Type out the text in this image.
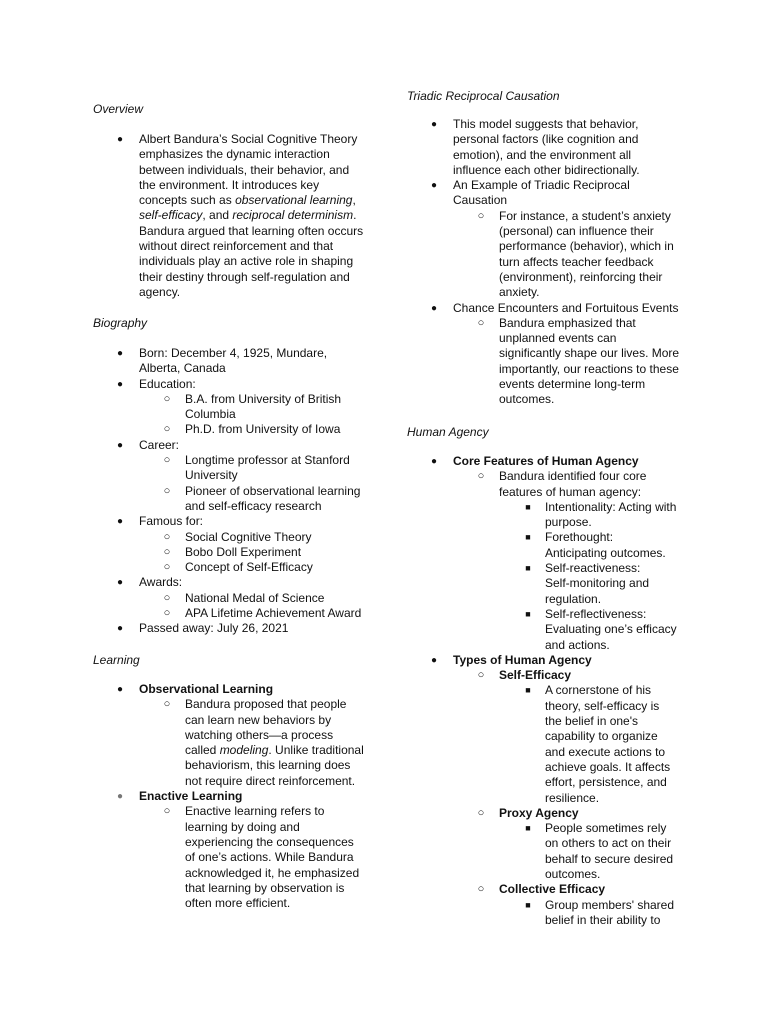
Overview
● Albert Bandura’s Social Cognitive Theory
emphasizes the dynamic interaction
between individuals, their behavior, and
the environment. It introduces key
concepts such as observational learning,
self-efficacy, and reciprocal determinism.
Bandura argued that learning often occurs
without direct reinforcement and that
individuals play an active role in shaping
their destiny through self-regulation and
agency.
Biography
● Born: December 4, 1925, Mundare,
Alberta, Canada
● Education:
○ B.A. from University of British
Columbia
○ Ph.D. from University of Iowa
● Career:
○ Longtime professor at Stanford
University
○ Pioneer of observational learning
and self-efficacy research
● Famous for:
○ Social Cognitive Theory
○ Bobo Doll Experiment
○ Concept of Self-Efficacy
● Awards:
○ National Medal of Science
○ APA Lifetime Achievement Award
● Passed away: July 26, 2021
Learning
● Observational Learning
○ Bandura proposed that people
can learn new behaviors by
watching others—a process
called modeling. Unlike traditional
behaviorism, this learning does
not require direct reinforcement.
● Enactive Learning
○ Enactive learning refers to
learning by doing and
experiencing the consequences
of one’s actions. While Bandura
acknowledged it, he emphasized
that learning by observation is
often more efficient.
Triadic Reciprocal Causation
● This model suggests that behavior,
personal factors (like cognition and
emotion), and the environment all
influence each other bidirectionally.
● An Example of Triadic Reciprocal
Causation
○ For instance, a student’s anxiety
(personal) can influence their
performance (behavior), which in
turn affects teacher feedback
(environment), reinforcing their
anxiety.
● Chance Encounters and Fortuitous Events
○ Bandura emphasized that
unplanned events can
significantly shape our lives. More
importantly, our reactions to these
events determine long-term
outcomes.
Human Agency
● Core Features of Human Agency
○ Bandura identified four core
features of human agency:
■ Intentionality: Acting with
purpose.
■ Forethought:
Anticipating outcomes.
■ Self-reactiveness:
Self-monitoring and
regulation.
■ Self-reflectiveness:
Evaluating one’s efficacy
and actions.
● Types of Human Agency
○ Self-Efficacy
■ A cornerstone of his
theory, self-efficacy is
the belief in one's
capability to organize
and execute actions to
achieve goals. It affects
effort, persistence, and
resilience.
○ Proxy Agency
■ People sometimes rely
on others to act on their
behalf to secure desired
outcomes.
○ Collective Efficacy
■ Group members' shared
belief in their ability to
